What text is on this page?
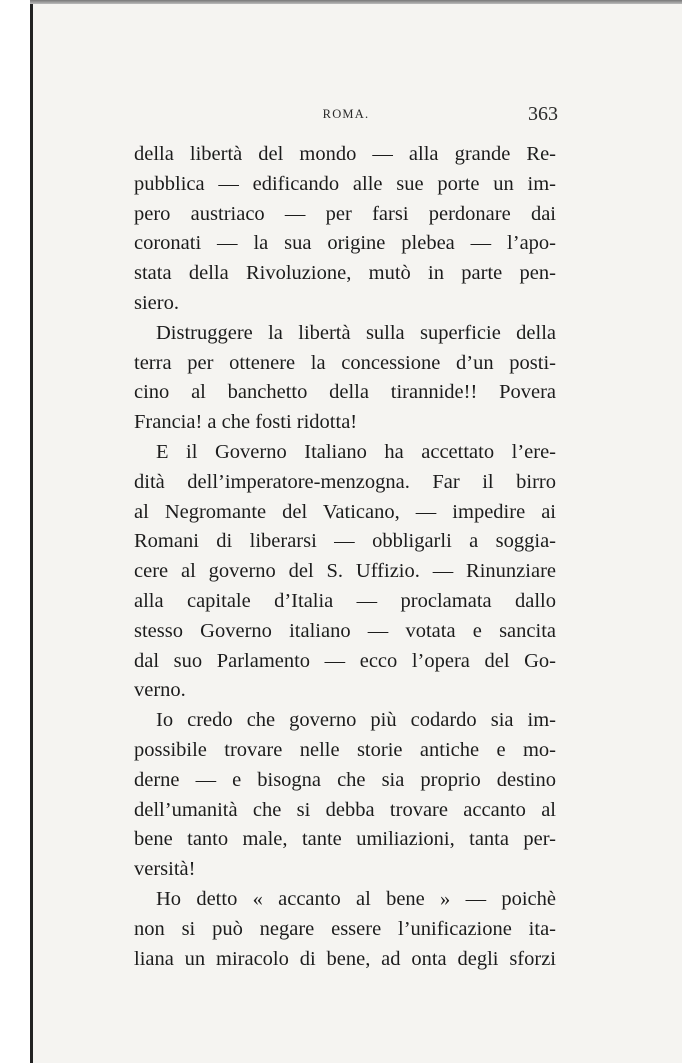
ROMA.	363
della libertà del mondo — alla grande Re-
pubblica — edificando alle sue porte un im-
pero austriaco — per farsi perdonare dai
coronati — la sua origine plebea — l’apo-
stata della Rivoluzione, mutò in parte pen-
siero.
Distruggere la libertà sulla superficie della
terra per ottenere la concessione d’un posti-
cino al banchetto della tirannide!! Povera
Francia! a che fosti ridotta!
E il Governo Italiano ha accettato l’ere-
dità dell’imperatore-menzogna. Far il birro
al Negromante del Vaticano, — impedire ai
Romani di liberarsi — obbligarli a soggia-
cere al governo del S. Uffizio. — Rinunziare
alla capitale d’Italia — proclamata dallo
stesso Governo italiano — votata e sancita
dal suo Parlamento — ecco l’opera del Go-
verno.
Io credo che governo più codardo sia im-
possibile trovare nelle storie antiche e mo-
derne — e bisogna che sia proprio destino
dell’umanità che si debba trovare accanto al
bene tanto male, tante umiliazioni, tanta per-
versità!
Ho detto « accanto al bene » — poichè
non si può negare essere l’unificazione ita-
liana un miracolo di bene, ad onta degli sforzi
